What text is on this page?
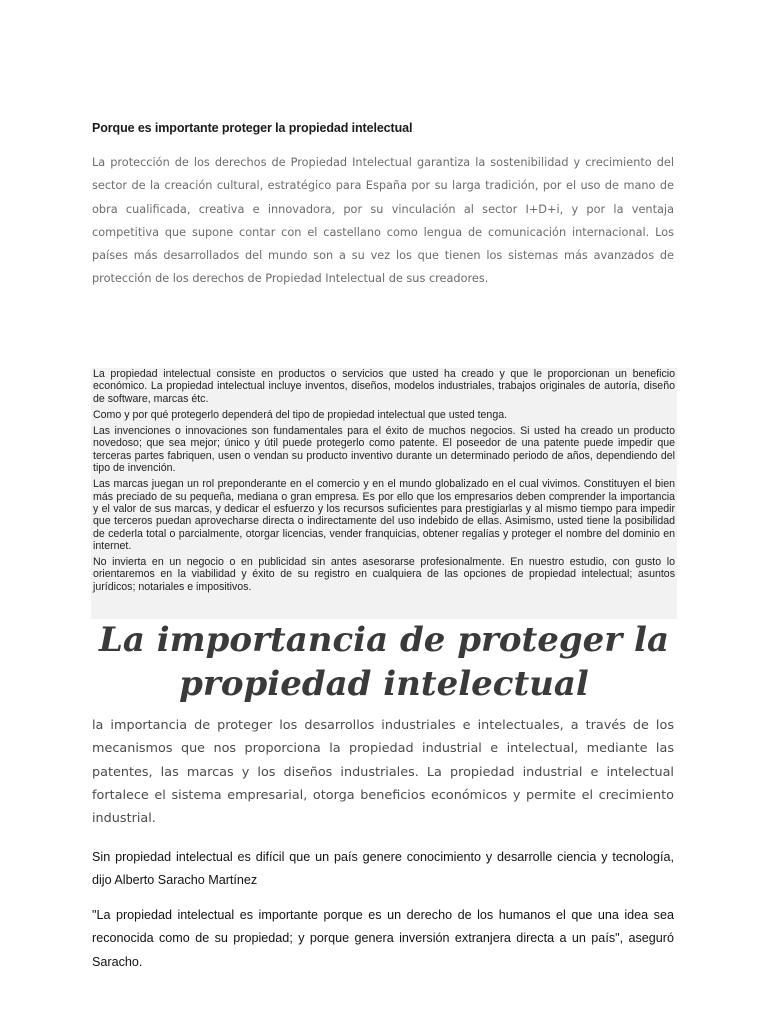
Porque es importante proteger la propiedad intelectual

La protección de los derechos de Propiedad Intelectual garantiza la sostenibilidad y crecimiento del sector de la creación cultural, estratégico para España por su larga tradición, por el uso de mano de obra cualificada, creativa e innovadora, por su vinculación al sector I+D+i, y por la ventaja competitiva que supone contar con el castellano como lengua de comunicación internacional. Los países más desarrollados del mundo son a su vez los que tienen los sistemas más avanzados de protección de los derechos de Propiedad Intelectual de sus creadores.

La propiedad intelectual consiste en productos o servicios que usted ha creado y que le proporcionan un beneficio económico. La propiedad intelectual incluye inventos, diseños, modelos industriales, trabajos originales de autoría, diseño de software, marcas étc.

Como y por qué protegerlo dependerá del tipo de propiedad intelectual que usted tenga.

Las invenciones o innovaciones son fundamentales para el éxito de muchos negocios. Si usted ha creado un producto novedoso; que sea mejor; único y útil puede protegerlo como patente. El poseedor de una patente puede impedir que terceras partes fabriquen, usen o vendan su producto inventivo durante un determinado periodo de años, dependiendo del tipo de invención.

Las marcas juegan un rol preponderante en el comercio y en el mundo globalizado en el cual vivimos. Constituyen el bien más preciado de su pequeña, mediana o gran empresa. Es por ello que los empresarios deben comprender la importancia y el valor de sus marcas, y dedicar el esfuerzo y los recursos suficientes para prestigiarlas y al mismo tiempo para impedir que terceros puedan aprovecharse directa o indirectamente del uso indebido de ellas. Asimismo, usted tiene la posibilidad de cederla total o parcialmente, otorgar licencias, vender franquicias, obtener regalías y proteger el nombre del dominio en internet.

No invierta en un negocio o en publicidad sin antes asesorarse profesionalmente. En nuestro estudio, con gusto lo orientaremos en la viabilidad y éxito de su registro en cualquiera de las opciones de propiedad intelectual; asuntos jurídicos; notariales e impositivos.

La importancia de proteger la propiedad intelectual

la importancia de proteger los desarrollos industriales e intelectuales, a través de los mecanismos que nos proporciona la propiedad industrial e intelectual, mediante las patentes, las marcas y los diseños industriales. La propiedad industrial e intelectual fortalece el sistema empresarial, otorga beneficios económicos y permite el crecimiento industrial.

Sin propiedad intelectual es difícil que un país genere conocimiento y desarrolle ciencia y tecnología, dijo Alberto Saracho Martínez

"La propiedad intelectual es importante porque es un derecho de los humanos el que una idea sea reconocida como de su propiedad; y porque genera inversión extranjera directa a un país", aseguró Saracho.
